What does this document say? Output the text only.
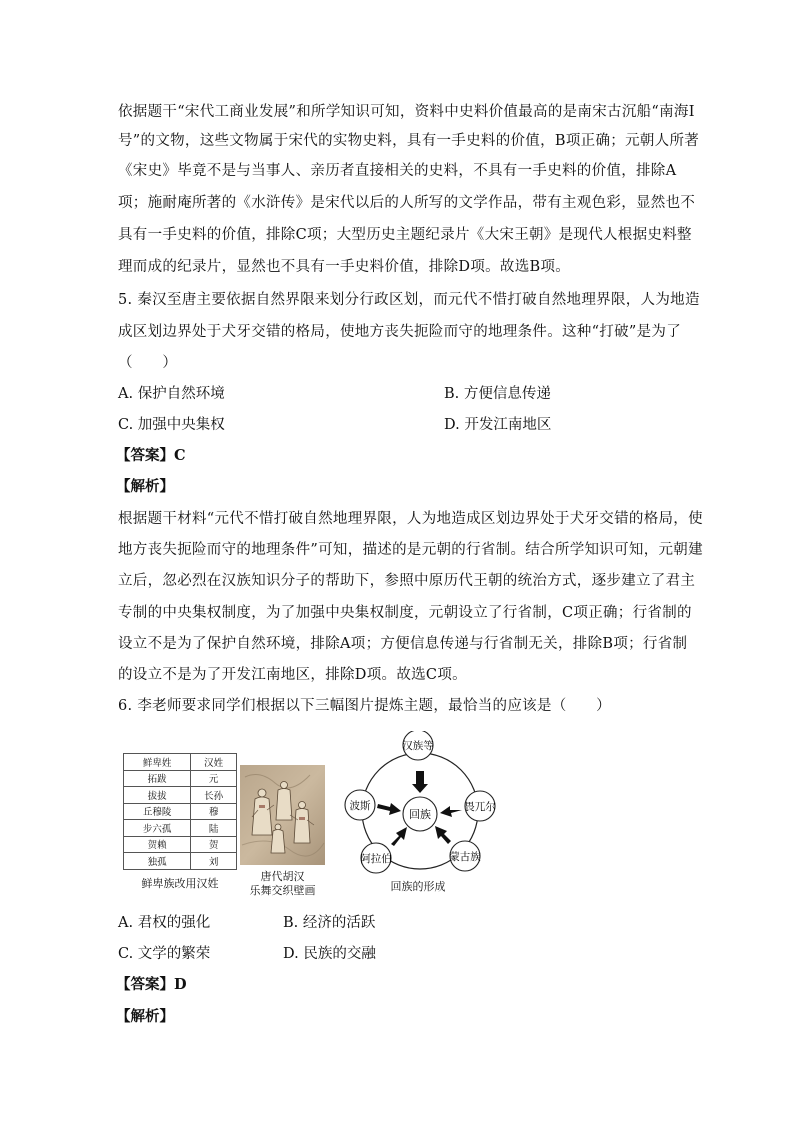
依据题干“宋代工商业发展”和所学知识可知，资料中史料价值最高的是南宋古沉船“南海Ⅰ
号”的文物，这些文物属于宋代的实物史料，具有一手史料的价值，B项正确；元朝人所著
《宋史》毕竟不是与当事人、亲历者直接相关的史料，不具有一手史料的价值，排除A
项；施耐庵所著的《水浒传》是宋代以后的人所写的文学作品，带有主观色彩，显然也不
具有一手史料的价值，排除C项；大型历史主题纪录片《大宋王朝》是现代人根据史料整
理而成的纪录片，显然也不具有一手史料价值，排除D项。故选B项。
5. 秦汉至唐主要依据自然界限来划分行政区划，而元代不惜打破自然地理界限，人为地造
成区划边界处于犬牙交错的格局，使地方丧失扼险而守的地理条件。这种“打破”是为了
（　　）
A. 保护自然环境	B. 方便信息传递
C. 加强中央集权	D. 开发江南地区
【答案】C
【解析】
根据题干材料“元代不惜打破自然地理界限，人为地造成区划边界处于犬牙交错的格局，使
地方丧失扼险而守的地理条件”可知，描述的是元朝的行省制。结合所学知识可知，元朝建
立后，忽必烈在汉族知识分子的帮助下，参照中原历代王朝的统治方式，逐步建立了君主
专制的中央集权制度，为了加强中央集权制度，元朝设立了行省制，C项正确；行省制的
设立不是为了保护自然环境，排除A项；方便信息传递与行省制无关，排除B项；行省制
的设立不是为了开发江南地区，排除D项。故选C项。
6. 李老师要求同学们根据以下三幅图片提炼主题，最恰当的应该是（　　）
鲜卑姓	汉姓
拓跋	元
拔拔	长孙
丘穆陵	穆
步六孤	陆
贺赖	贺
独孤	刘
鲜卑族改用汉姓
唐代胡汉
乐舞交织壁画
回族
汉族等
畏兀尔
蒙古族
阿拉伯
波斯
回族的形成
A. 君权的强化	B. 经济的活跃
C. 文学的繁荣	D. 民族的交融
【答案】D
【解析】
